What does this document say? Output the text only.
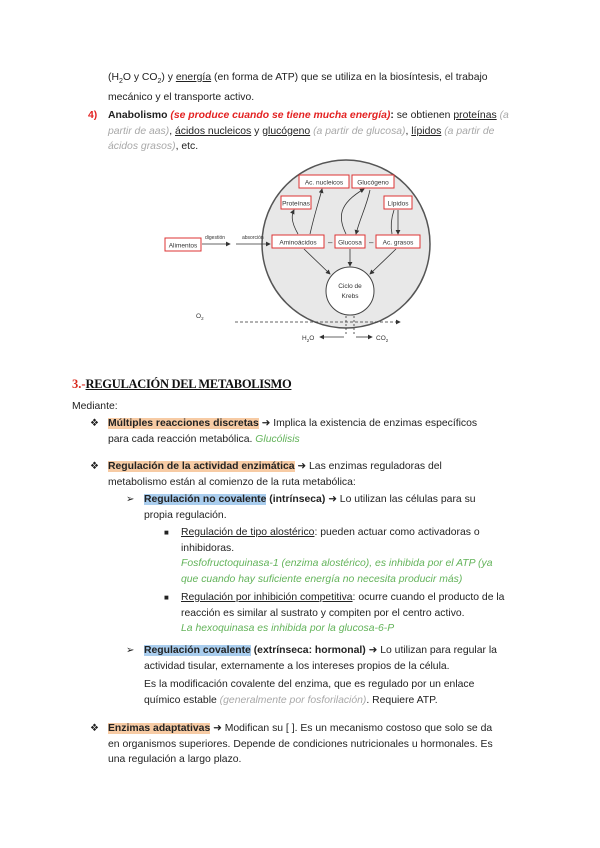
($H_2O$ y $CO_2$) y energía (en forma de ATP) que se utiliza en la biosíntesis, el trabajo
mecánico y el transporte activo.
4) Anabolismo (se produce cuando se tiene mucha energía): se obtienen proteínas (a
partir de aas), ácidos nucleicos y glucógeno (a partir de glucosa), lípidos (a partir de
ácidos grasos), etc.
Ac. nucleicos Glucógeno
Proteínas	Lípidos
Aminoácidos	Glucosa	Ac. grasos
–	–
Ciclo de
Krebs
Alimentos
digestión	absorción
$O_2$
$H_2O$	$CO_2$
3.-REGULACIÓN DEL METABOLISMO
Mediante:
❖ Múltiples reacciones discretas ➜ Implica la existencia de enzimas específicos
para cada reacción metabólica. Glucólisis
❖ Regulación de la actividad enzimática ➜ Las enzimas reguladoras del
metabolismo están al comienzo de la ruta metabólica:
➢ Regulación no covalente (intrínseca) ➜ Lo utilizan las células para su
propia regulación.
■ Regulación de tipo alostérico: pueden actuar como activadoras o
inhibidoras.
Fosfofructoquinasa-1 (enzima alostérico), es inhibida por el ATP (ya
que cuando hay suficiente energía no necesita producir más)
■ Regulación por inhibición competitiva: ocurre cuando el producto de la
reacción es similar al sustrato y compiten por el centro activo.
La hexoquinasa es inhibida por la glucosa-6-P
➢ Regulación covalente (extrínseca: hormonal) ➜ Lo utilizan para regular la
actividad tisular, externamente a los intereses propios de la célula.
Es la modificación covalente del enzima, que es regulado por un enlace
químico estable (generalmente por fosforilación). Requiere ATP.
❖ Enzimas adaptativas ➜ Modifican su [ ]. Es un mecanismo costoso que solo se da
en organismos superiores. Depende de condiciones nutricionales u hormonales. Es
una regulación a largo plazo.
